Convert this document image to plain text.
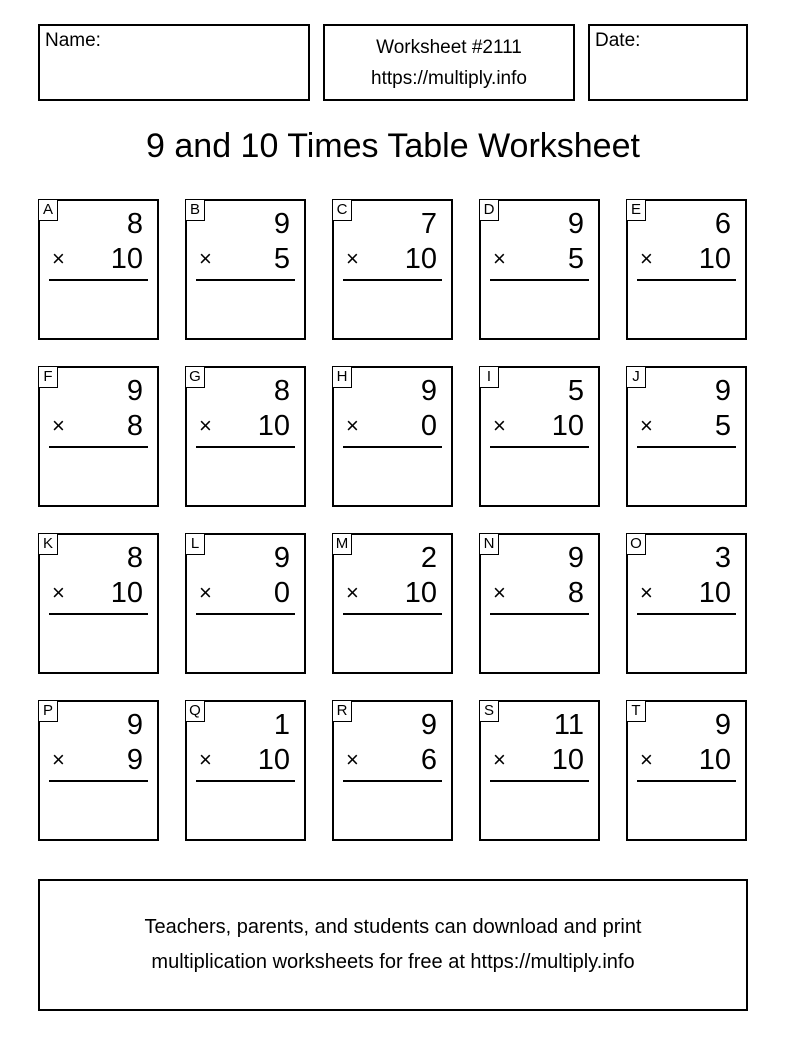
Name:	Worksheet #2111
https://multiply.info
Date:
9 and 10 Times Table Worksheet
A	8
× 10
B	9
× 5
C	7
× 10
D	9
× 5
E	6
× 10
F	9
× 8
G	8
× 10
H	9
× 0
I	5
× 10
J	9
× 5
K	8
× 10
L	9
× 0
M	2
× 10
N	9
× 8
O	3
× 10
P	9
× 9
Q	1
× 10
R	9
× 6
S 11
× 10
T	9
× 10
Teachers, parents, and students can download and print
multiplication worksheets for free at https://multiply.info
